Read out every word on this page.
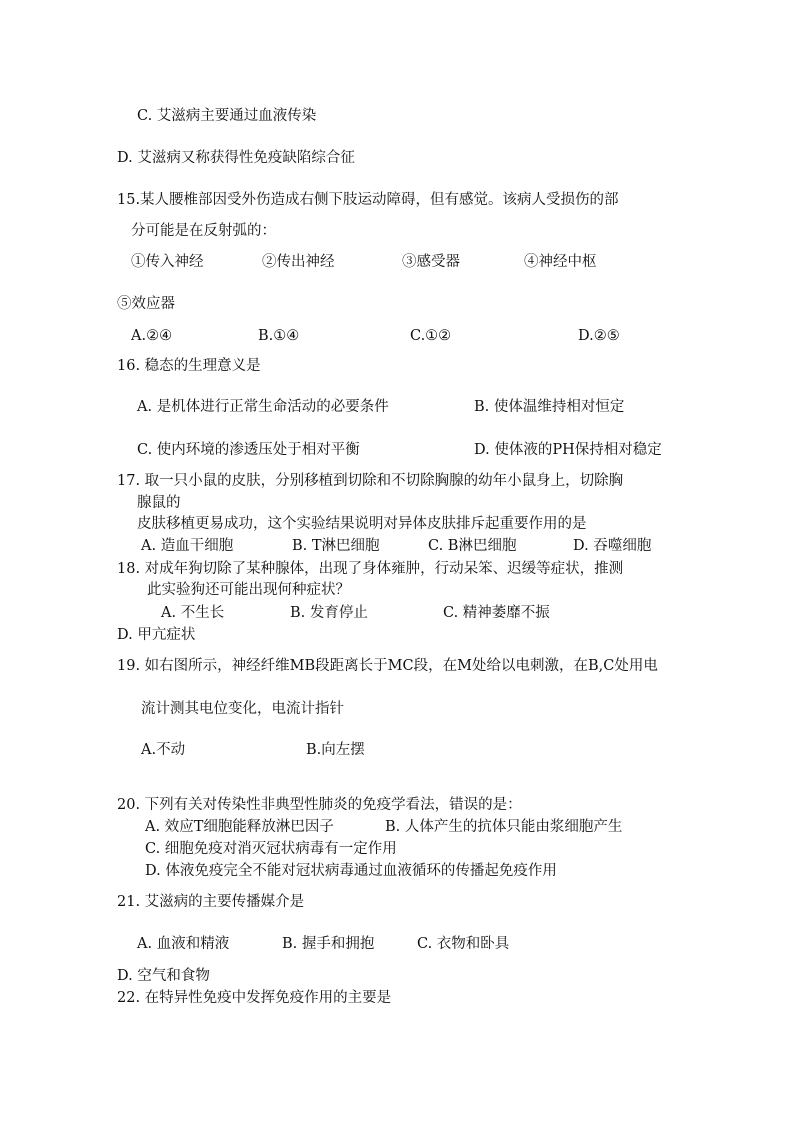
C. 艾滋病主要通过血液传染
D. 艾滋病又称获得性免疫缺陷综合征
15.某人腰椎部因受外伤造成右侧下肢运动障碍，但有感觉。该病人受损伤的部
分可能是在反射弧的：
①传入神经	②传出神经	③感受器	④神经中枢
⑤效应器
A.②④	B.①④	C.①②	D.②⑤
16. 稳态的生理意义是
A. 是机体进行正常生命活动的必要条件	B. 使体温维持相对恒定
C. 使内环境的渗透压处于相对平衡	D. 使体液的PH保持相对稳定
17. 取一只小鼠的皮肤，分别移植到切除和不切除胸腺的幼年小鼠身上，切除胸
腺鼠的
皮肤移植更易成功，这个实验结果说明对异体皮肤排斥起重要作用的是
A. 造血干细胞	B. T淋巴细胞	C. B淋巴细胞	D. 吞噬细胞
18. 对成年狗切除了某种腺体，出现了身体雍肿，行动呆笨、迟缓等症状，推测
此实验狗还可能出现何种症状？
A. 不生长	B. 发育停止	C. 精神萎靡不振
D. 甲亢症状
19. 如右图所示，神经纤维MB段距离长于MC段，在M处给以电刺激，在B,C处用电
流计测其电位变化，电流计指针
A.不动	B.向左摆
20. 下列有关对传染性非典型性肺炎的免疫学看法，错误的是：
A. 效应T细胞能释放淋巴因子	B. 人体产生的抗体只能由浆细胞产生
C. 细胞免疫对消灭冠状病毒有一定作用
D. 体液免疫完全不能对冠状病毒通过血液循环的传播起免疫作用
21. 艾滋病的主要传播媒介是
A. 血液和精液	B. 握手和拥抱	C. 衣物和卧具
D. 空气和食物
22. 在特异性免疫中发挥免疫作用的主要是
